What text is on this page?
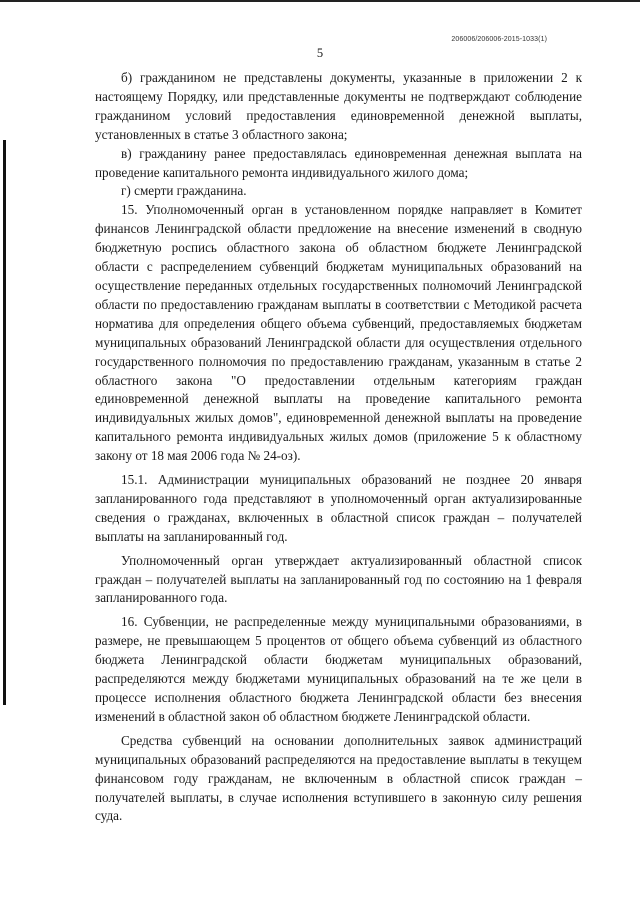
206006/206006-2015-1033(1)
5

б) гражданином не представлены документы, указанные в приложении 2 к настоящему Порядку, или представленные документы не подтверждают соблюдение гражданином условий предоставления единовременной денежной выплаты, установленных в статье 3 областного закона;

в) гражданину ранее предоставлялась единовременная денежная выплата на проведение капитального ремонта индивидуального жилого дома;

г) смерти гражданина.

15. Уполномоченный орган в установленном порядке направляет в Комитет финансов Ленинградской области предложение на внесение изменений в сводную бюджетную роспись областного закона об областном бюджете Ленинградской области с распределением субвенций бюджетам муниципальных образований на осуществление переданных отдельных государственных полномочий Ленинградской области по предоставлению гражданам выплаты в соответствии с Методикой расчета норматива для определения общего объема субвенций, предоставляемых бюджетам муниципальных образований Ленинградской области для осуществления отдельного государственного полномочия по предоставлению гражданам, указанным в статье 2 областного закона "О предоставлении отдельным категориям граждан единовременной денежной выплаты на проведение капитального ремонта индивидуальных жилых домов", единовременной денежной выплаты на проведение капитального ремонта индивидуальных жилых домов (приложение 5 к областному закону от 18 мая 2006 года № 24-оз).

15.1. Администрации муниципальных образований не позднее 20 января запланированного года представляют в уполномоченный орган актуализированные сведения о гражданах, включенных в областной список граждан – получателей выплаты на запланированный год.

Уполномоченный орган утверждает актуализированный областной список граждан – получателей выплаты на запланированный год по состоянию на 1 февраля запланированного года.

16. Субвенции, не распределенные между муниципальными образованиями, в размере, не превышающем 5 процентов от общего объема субвенций из областного бюджета Ленинградской области бюджетам муниципальных образований, распределяются между бюджетами муниципальных образований на те же цели в процессе исполнения областного бюджета Ленинградской области без внесения изменений в областной закон об областном бюджете Ленинградской области.

Средства субвенций на основании дополнительных заявок администраций муниципальных образований распределяются на предоставление выплаты в текущем финансовом году гражданам, не включенным в областной список граждан – получателей выплаты, в случае исполнения вступившего в законную силу решения суда.
